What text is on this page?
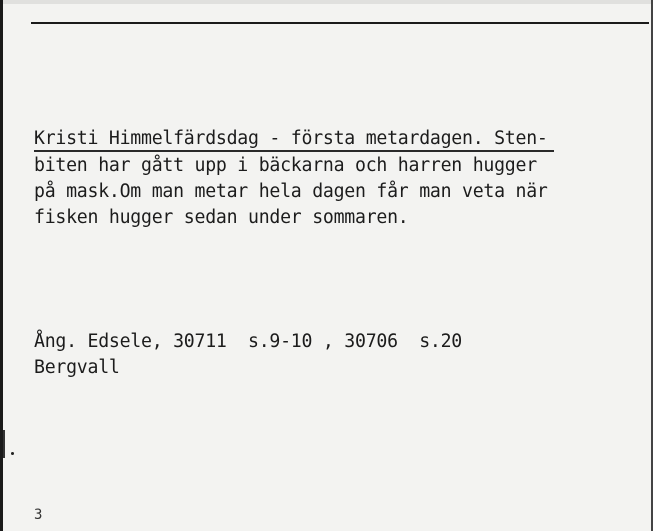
Kristi Himmelfärdsdag - första metardagen. Sten-
biten har gått upp i bäckarna och harren hugger
på mask.Om man metar hela dagen får man veta när
fisken hugger sedan under sommaren.
Ång. Edsele, 30711  s.9-10 , 30706  s.20
Bergvall
3
